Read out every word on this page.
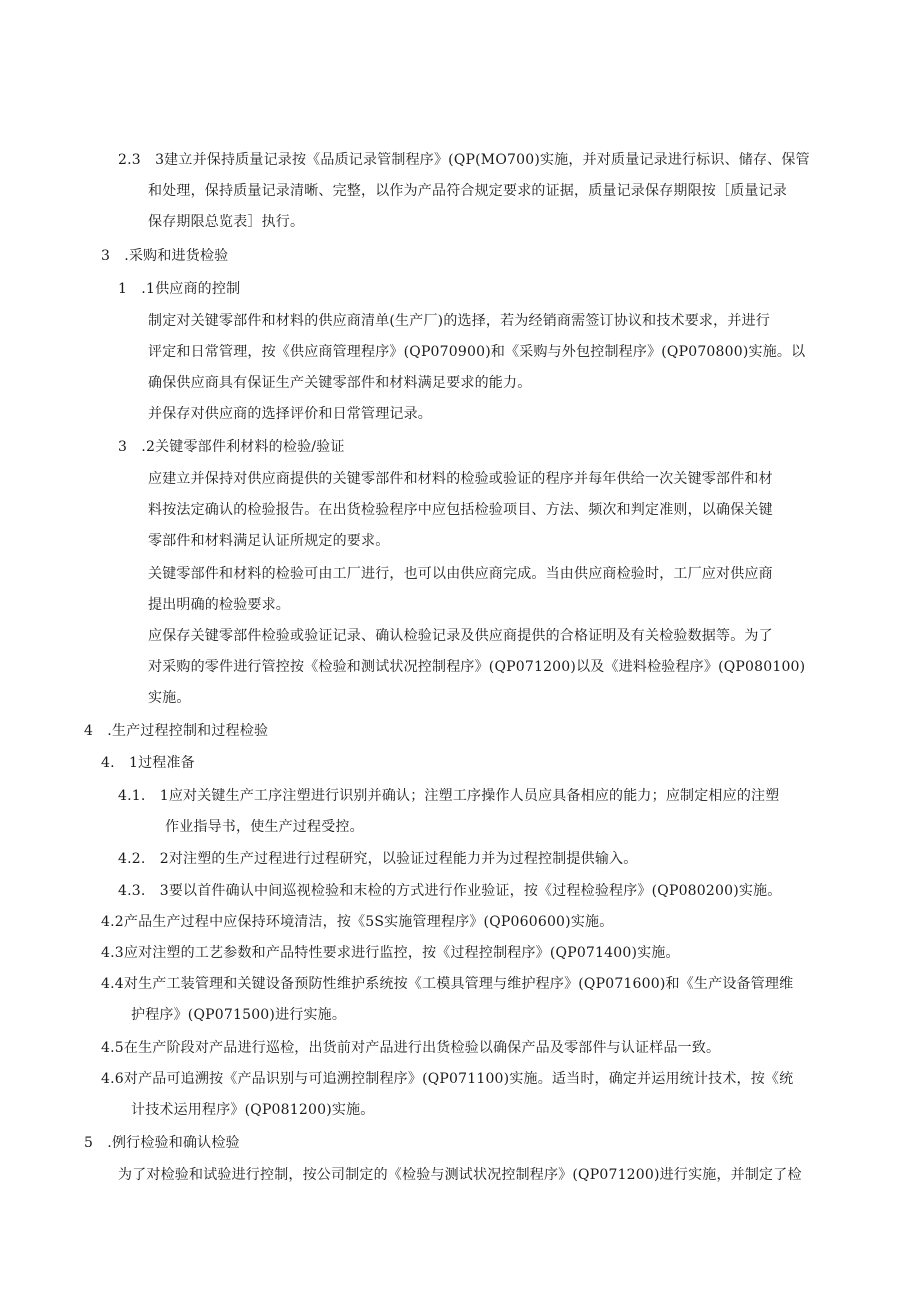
2.3　3建立并保持质量记录按《品质记录管制程序》(QP(MO700)实施，并对质量记录进行标识、储存、保管
和处理，保持质量记录清晰、完整，以作为产品符合规定要求的证据，质量记录保存期限按［质量记录
保存期限总览表］执行。
3　.采购和进货检验
1　.1供应商的控制
制定对关键零部件和材料的供应商清单(生产厂)的选择，若为经销商需签订协议和技术要求，并进行
评定和日常管理，按《供应商管理程序》(QP070900)和《采购与外包控制程序》(QP070800)实施。以
确保供应商具有保证生产关键零部件和材料满足要求的能力。
并保存对供应商的选择评价和日常管理记录。
3　.2关键零部件利材料的检验/验证
应建立并保持对供应商提供的关键零部件和材料的检验或验证的程序并每年供给一次关键零部件和材
料按法定确认的检验报告。在出货检验程序中应包括检验项目、方法、频次和判定准则，以确保关键
零部件和材料满足认证所规定的要求。
关键零部件和材料的检验可由工厂进行，也可以由供应商完成。当由供应商检验时，工厂应对供应商
提出明确的检验要求。
应保存关键零部件检验或验证记录、确认检验记录及供应商提供的合格证明及有关检验数据等。为了
对采购的零件进行管控按《检验和测试状况控制程序》(QP071200)以及《进料检验程序》(QP080100)
实施。
4　.生产过程控制和过程检验
4.　1过程准备
4.1.　1应对关键生产工序注塑进行识别并确认；注塑工序操作人员应具备相应的能力；应制定相应的注塑
作业指导书，使生产过程受控。
4.2.　2对注塑的生产过程进行过程研究，以验证过程能力并为过程控制提供输入。
4.3.　3要以首件确认中间巡视检验和末检的方式进行作业验证，按《过程检验程序》(QP080200)实施。
4.2产品生产过程中应保持环境清洁，按《5S实施管理程序》(QP060600)实施。
4.3应对注塑的工艺参数和产品特性要求进行监控，按《过程控制程序》(QP071400)实施。
4.4对生产工装管理和关键设备预防性维护系统按《工模具管理与维护程序》(QP071600)和《生产设备管理维
护程序》(QP071500)进行实施。
4.5在生产阶段对产品进行巡检，出货前对产品进行出货检验以确保产品及零部件与认证样品一致。
4.6对产品可追溯按《产品识别与可追溯控制程序》(QP071100)实施。适当时，确定并运用统计技术，按《统
计技术运用程序》(QP081200)实施。
5　.例行检验和确认检验
为了对检验和试验进行控制，按公司制定的《检验与测试状况控制程序》(QP071200)进行实施，并制定了检
